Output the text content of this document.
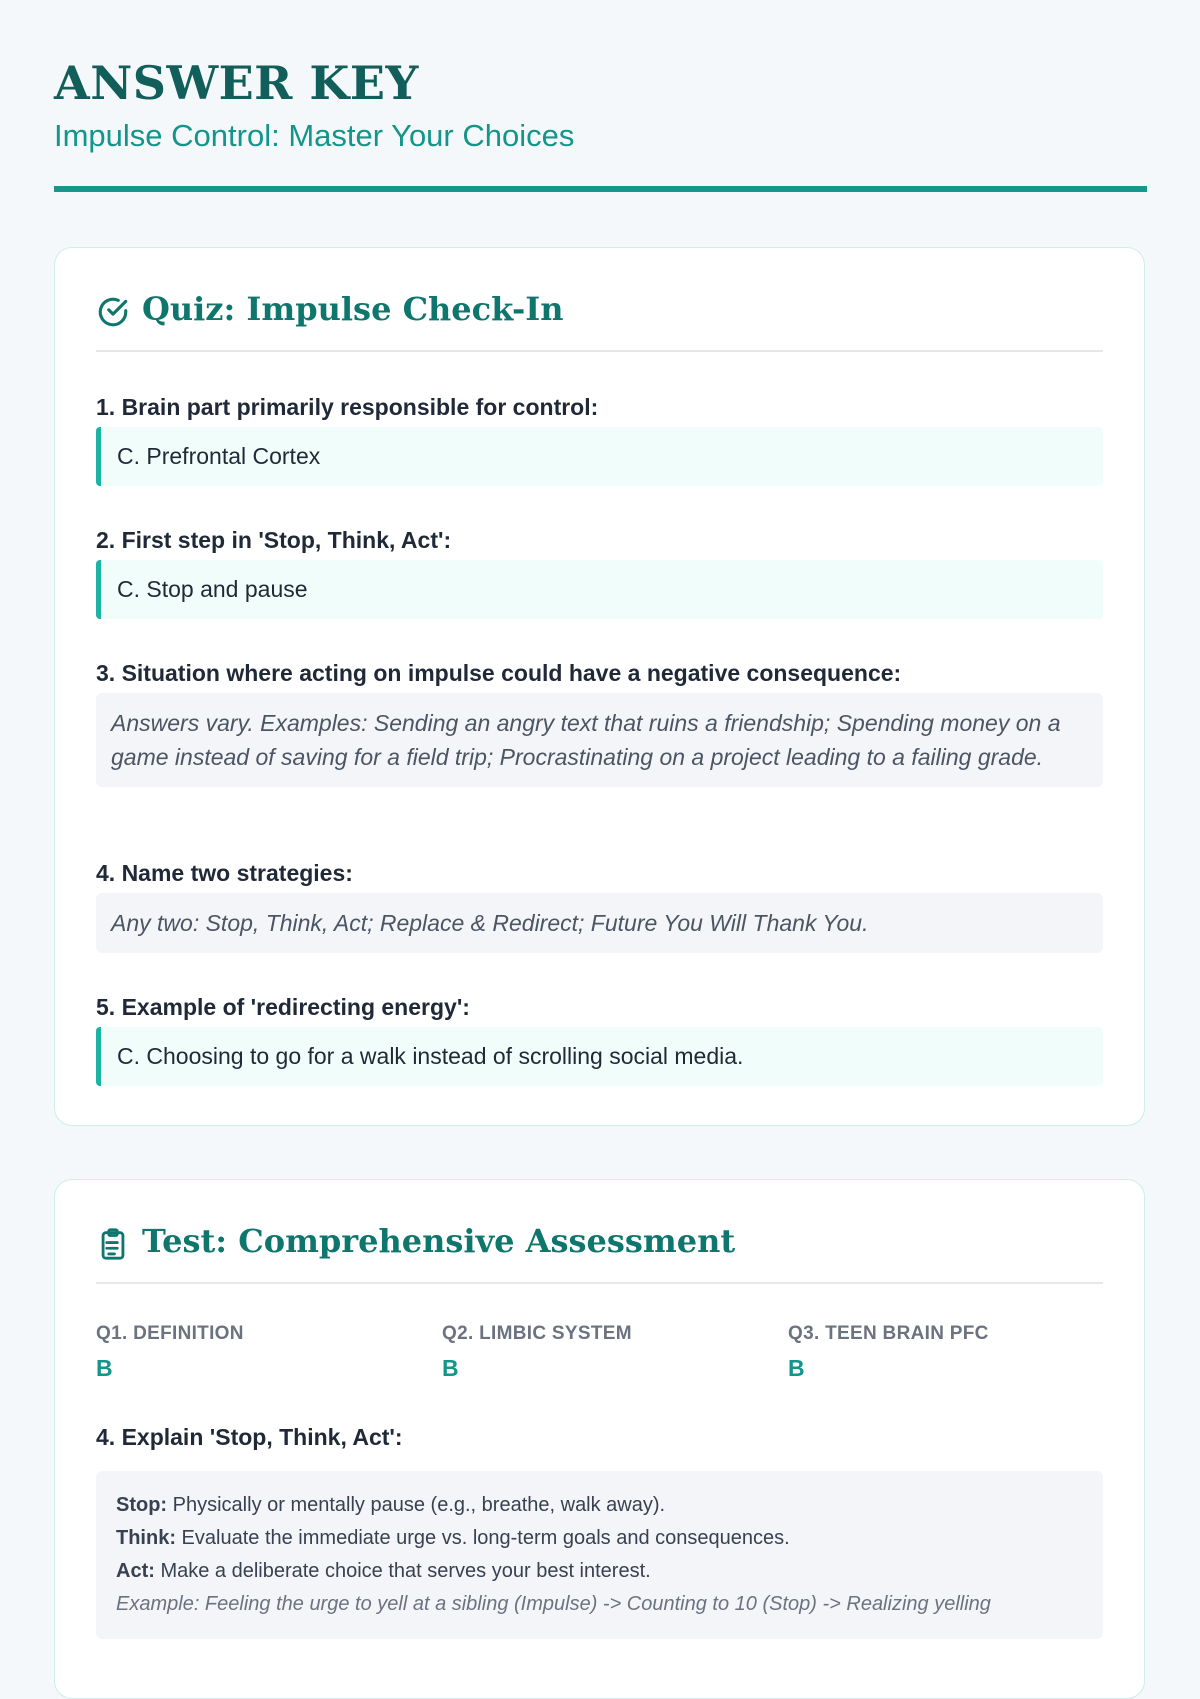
ANSWER KEY
Impulse Control: Master Your Choices
Quiz: Impulse Check-In
1. Brain part primarily responsible for control:
C. Prefrontal Cortex
2. First step in 'Stop, Think, Act':
C. Stop and pause
3. Situation where acting on impulse could have a negative consequence:
Answers vary. Examples: Sending an angry text that ruins a friendship; Spending money on a game instead of saving for a field trip; Procrastinating on a project leading to a failing grade.
4. Name two strategies:
Any two: Stop, Think, Act; Replace & Redirect; Future You Will Thank You.
5. Example of 'redirecting energy':
C. Choosing to go for a walk instead of scrolling social media.
Test: Comprehensive Assessment
Q1. DEFINITION
B
Q2. LIMBIC SYSTEM
B
Q3. TEEN BRAIN PFC
B
4. Explain 'Stop, Think, Act':
Stop: Physically or mentally pause (e.g., breathe, walk away).
Think: Evaluate the immediate urge vs. long-term goals and consequences.
Act: Make a deliberate choice that serves your best interest.
Example: Feeling the urge to yell at a sibling (Impulse) -> Counting to 10 (Stop) -> Realizing yelling
